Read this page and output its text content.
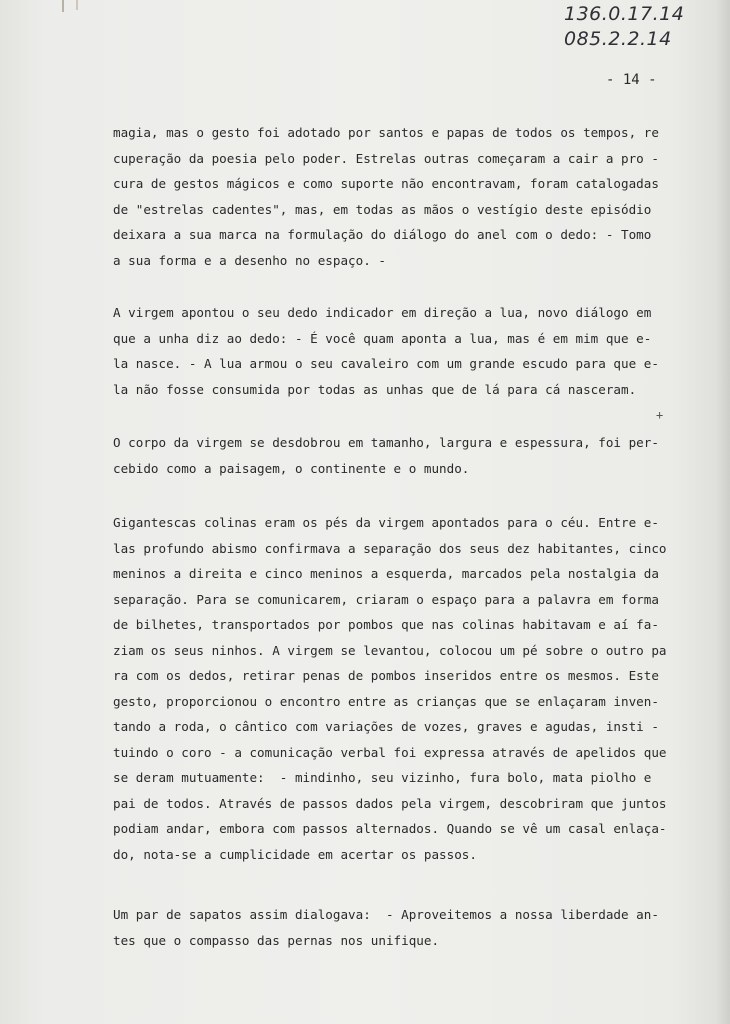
136.0.17.14
085.2.2.14
- 14 -
magia, mas o gesto foi adotado por santos e papas de todos os tempos, re
cuperação da poesia pelo poder. Estrelas outras começaram a cair a pro -
cura de gestos mágicos e como suporte não encontravam, foram catalogadas
de "estrelas cadentes", mas, em todas as mãos o vestígio deste episódio
deixara a sua marca na formulação do diálogo do anel com o dedo: - Tomo
a sua forma e a desenho no espaço. -
A virgem apontou o seu dedo indicador em direção a lua, novo diálogo em
que a unha diz ao dedo: - É você quam aponta a lua, mas é em mim que e-
la nasce. - A lua armou o seu cavaleiro com um grande escudo para que e-
la não fosse consumida por todas as unhas que de lá para cá nasceram.
+
O corpo da virgem se desdobrou em tamanho, largura e espessura, foi per-
cebido como a paisagem, o continente e o mundo.
Gigantescas colinas eram os pés da virgem apontados para o céu. Entre e-
las profundo abismo confirmava a separação dos seus dez habitantes, cinco
meninos a direita e cinco meninos a esquerda, marcados pela nostalgia da
separação. Para se comunicarem, criaram o espaço para a palavra em forma
de bilhetes, transportados por pombos que nas colinas habitavam e aí fa-
ziam os seus ninhos. A virgem se levantou, colocou um pé sobre o outro pa
ra com os dedos, retirar penas de pombos inseridos entre os mesmos. Este
gesto, proporcionou o encontro entre as crianças que se enlaçaram inven-
tando a roda, o cântico com variações de vozes, graves e agudas, insti -
tuindo o coro - a comunicação verbal foi expressa através de apelidos que
se deram mutuamente:  - mindinho, seu vizinho, fura bolo, mata piolho e
pai de todos. Através de passos dados pela virgem, descobriram que juntos
podiam andar, embora com passos alternados. Quando se vê um casal enlaça-
do, nota-se a cumplicidade em acertar os passos.
Um par de sapatos assim dialogava:  - Aproveitemos a nossa liberdade an-
tes que o compasso das pernas nos unifique.
